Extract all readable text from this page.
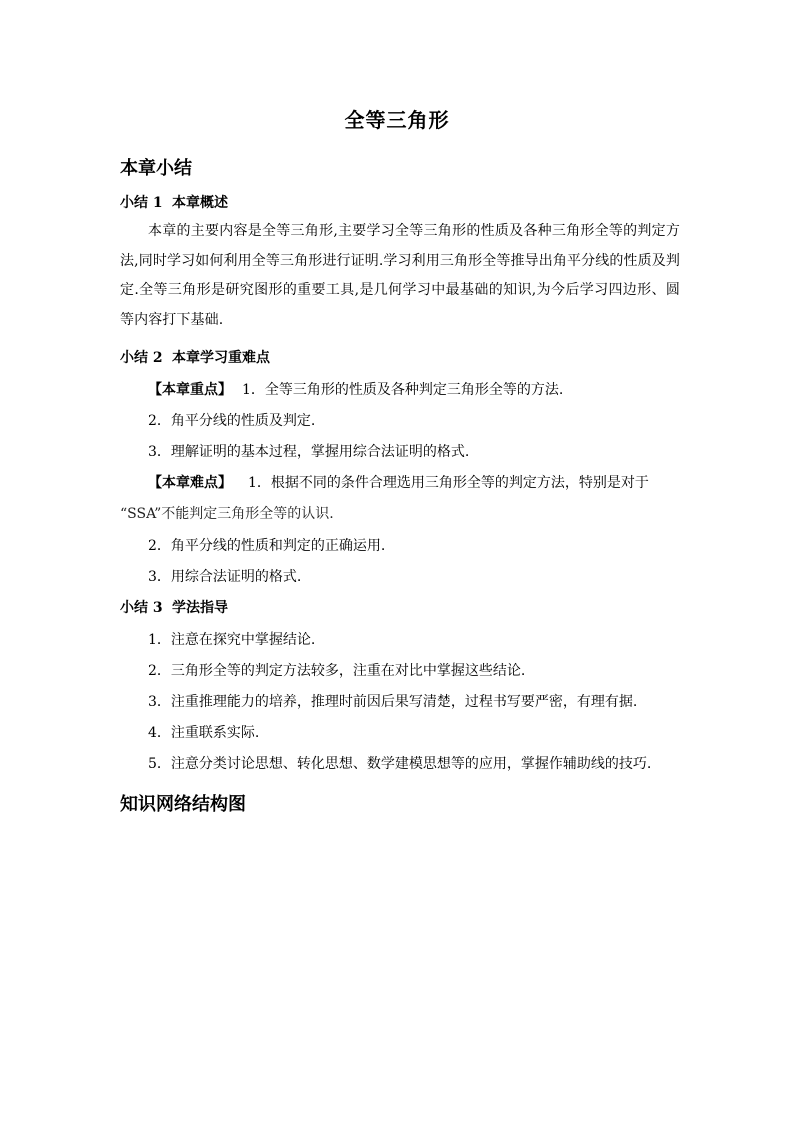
全等三角形
本章小结
小结 1 本章概述
本章的主要内容是全等三角形,主要学习全等三角形的性质及各种三角形全等的判定方法,同时学习如何利用全等三角形进行证明.学习利用三角形全等推导出角平分线的性质及判定.全等三角形是研究图形的重要工具,是几何学习中最基础的知识,为今后学习四边形、圆等内容打下基础.
小结 2 本章学习重难点
【本章重点】 1．全等三角形的性质及各种判定三角形全等的方法.
2．角平分线的性质及判定.
3．理解证明的基本过程，掌握用综合法证明的格式.
【本章难点】 1．根据不同的条件合理选用三角形全等的判定方法，特别是对于
“SSA”不能判定三角形全等的认识.
2．角平分线的性质和判定的正确运用.
3．用综合法证明的格式.
小结 3 学法指导
1．注意在探究中掌握结论.
2．三角形全等的判定方法较多，注重在对比中掌握这些结论.
3．注重推理能力的培养，推理时前因后果写清楚，过程书写要严密，有理有据.
4．注重联系实际.
5．注意分类讨论思想、转化思想、数学建模思想等的应用，掌握作辅助线的技巧.
知识网络结构图
